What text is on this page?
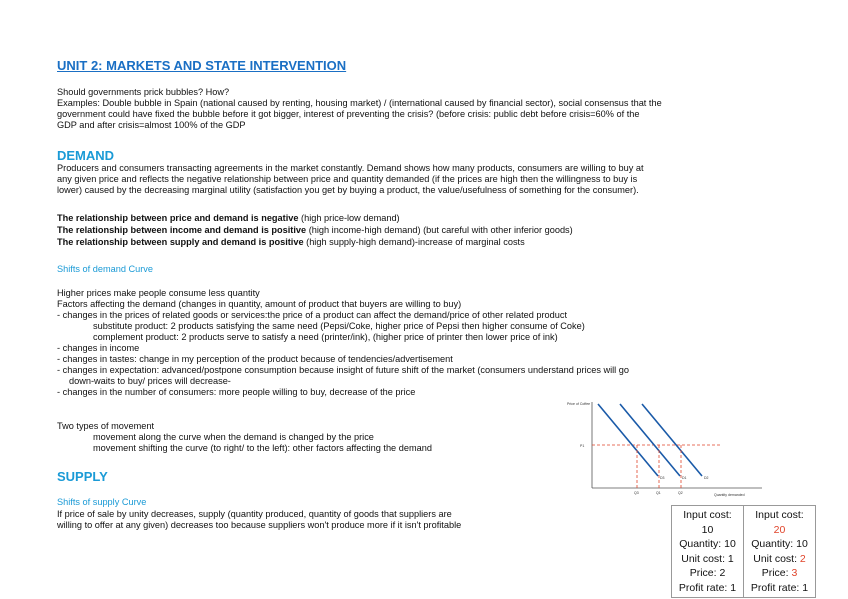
UNIT 2: MARKETS AND STATE INTERVENTION
Should governments prick bubbles? How?
Examples: Double bubble in Spain (national caused by renting, housing market) / (international caused by financial sector), social consensus that the
government could have fixed the bubble before it got bigger, interest of preventing the crisis? (before crisis: public debt before crisis=60% of the
GDP and after crisis=almost 100% of the GDP
DEMAND
Producers and consumers transacting agreements in the market constantly. Demand shows how many products, consumers are willing to buy at
any given price and reflects the negative relationship between price and quantity demanded (if the prices are high then the willingness to buy is
lower) caused by the decreasing marginal utility (satisfaction you get by buying a product, the value/usefulness of something for the consumer).
The relationship between price and demand is negative (high price-low demand)
The relationship between income and demand is positive (high income-high demand) (but careful with other inferior goods)
The relationship between supply and demand is positive (high supply-high demand)-increase of marginal costs
Shifts of demand Curve
Higher prices make people consume less quantity
Factors affecting the demand (changes in quantity, amount of product that buyers are willing to buy)
- changes in the prices of related goods or services:the price of a product can affect the demand/price of other related product
substitute product: 2 products satisfying the same need (Pepsi/Coke, higher price of Pepsi then higher consume of Coke)
complement product: 2 products serve to satisfy a need (printer/ink), (higher price of printer then lower price of ink)
- changes in income
- changes in tastes: change in my perception of the product because of tendencies/advertisement
- changes in expectation: advanced/postpone consumption because insight of future shift of the market (consumers understand prices will go
down-waits to buy/ prices will decrease-
- changes in the number of consumers: more people willing to buy, decrease of the price
Two types of movement
movement along the curve when the demand is changed by the price
movement shifting the curve (to right/ to the left): other factors affecting the demand
SUPPLY
Shifts of supply Curve
If price of sale by unity decreases, supply (quantity produced, quantity of goods that suppliers are
willing to offer at any given) decreases too because suppliers won't produce more if it isn't profitable
Price of Coffee
Quantity demanded
P1
D3	D1	D2
Q3	Q1	Q2
Input cost:
10
Quantity: 10
Unit cost: 1
Price: 2
Profit rate: 1

Input cost:
20
Quantity: 10
Unit cost: 2
Price: 3
Profit rate: 1
